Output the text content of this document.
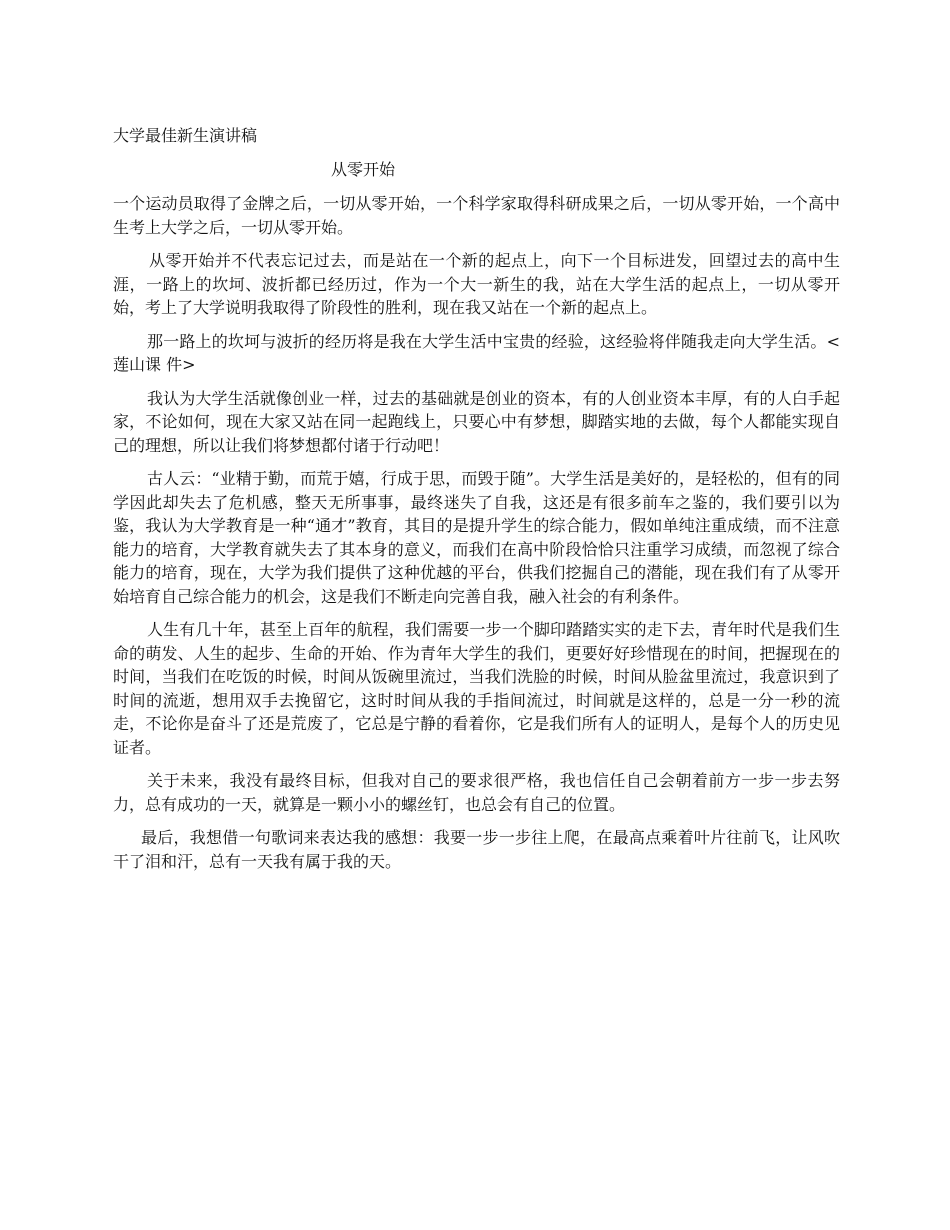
大学最佳新生演讲稿
从零开始

一个运动员取得了金牌之后，一切从零开始，一个科学家取得科研成果之后，一切从零开始，一个高中生考上大学之后，一切从零开始。

从零开始并不代表忘记过去，而是站在一个新的起点上，向下一个目标进发，回望过去的高中生涯，一路上的坎坷、波折都已经历过，作为一个大一新生的我，站在大学生活的起点上，一切从零开始，考上了大学说明我取得了阶段性的胜利，现在我又站在一个新的起点上。

那一路上的坎坷与波折的经历将是我在大学生活中宝贵的经验，这经验将伴随我走向大学生活。<莲山课 件>

我认为大学生活就像创业一样，过去的基础就是创业的资本，有的人创业资本丰厚，有的人白手起家，不论如何，现在大家又站在同一起跑线上，只要心中有梦想，脚踏实地的去做，每个人都能实现自己的理想，所以让我们将梦想都付诸于行动吧！

古人云：“业精于勤，而荒于嬉，行成于思，而毁于随”。大学生活是美好的，是轻松的，但有的同学因此却失去了危机感，整天无所事事，最终迷失了自我，这还是有很多前车之鉴的，我们要引以为鉴，我认为大学教育是一种“通才”教育，其目的是提升学生的综合能力，假如单纯注重成绩，而不注意能力的培育，大学教育就失去了其本身的意义，而我们在高中阶段恰恰只注重学习成绩，而忽视了综合能力的培育，现在，大学为我们提供了这种优越的平台，供我们挖掘自己的潜能，现在我们有了从零开始培育自己综合能力的机会，这是我们不断走向完善自我，融入社会的有利条件。

人生有几十年，甚至上百年的航程，我们需要一步一个脚印踏踏实实的走下去，青年时代是我们生命的萌发、人生的起步、生命的开始、作为青年大学生的我们，更要好好珍惜现在的时间，把握现在的时间，当我们在吃饭的时候，时间从饭碗里流过，当我们洗脸的时候，时间从脸盆里流过，我意识到了时间的流逝，想用双手去挽留它，这时时间从我的手指间流过，时间就是这样的，总是一分一秒的流走，不论你是奋斗了还是荒废了，它总是宁静的看着你，它是我们所有人的证明人，是每个人的历史见证者。

关于未来，我没有最终目标，但我对自己的要求很严格，我也信任自己会朝着前方一步一步去努力，总有成功的一天，就算是一颗小小的螺丝钉，也总会有自己的位置。

最后，我想借一句歌词来表达我的感想：我要一步一步往上爬，在最高点乘着叶片往前飞，让风吹干了泪和汗，总有一天我有属于我的天。
